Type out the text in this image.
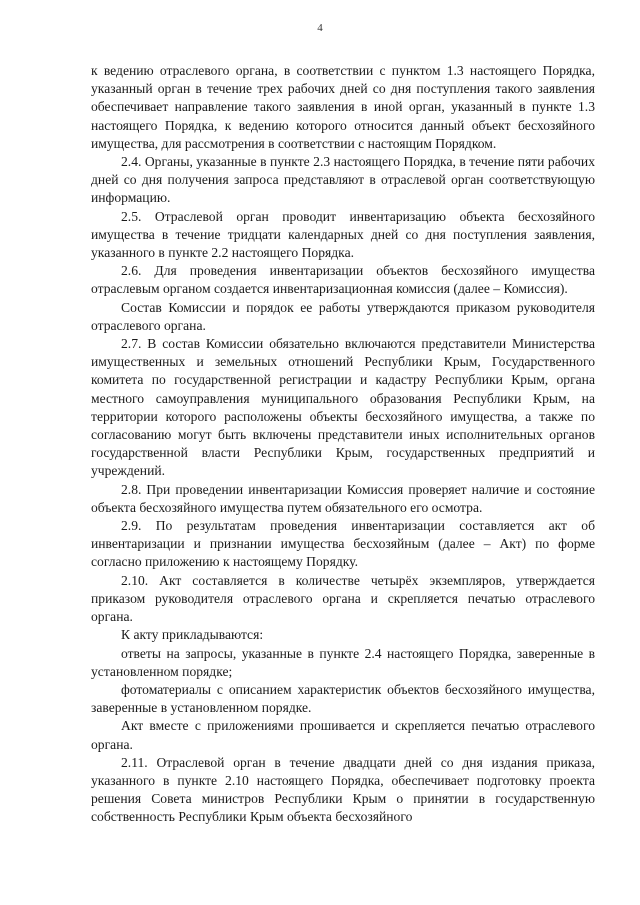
4

к ведению отраслевого органа, в соответствии с пунктом 1.3 настоящего Порядка, указанный орган в течение трех рабочих дней со дня поступления такого заявления обеспечивает направление такого заявления в иной орган, указанный в пункте 1.3 настоящего Порядка, к ведению которого относится данный объект бесхозяйного имущества, для рассмотрения в соответствии с настоящим Порядком.

2.4. Органы, указанные в пункте 2.3 настоящего Порядка, в течение пяти рабочих дней со дня получения запроса представляют в отраслевой орган соответствующую информацию.

2.5. Отраслевой орган проводит инвентаризацию объекта бесхозяйного имущества в течение тридцати календарных дней со дня поступления заявления, указанного в пункте 2.2 настоящего Порядка.

2.6. Для проведения инвентаризации объектов бесхозяйного имущества отраслевым органом создается инвентаризационная комиссия (далее – Комиссия).

Состав Комиссии и порядок ее работы утверждаются приказом руководителя отраслевого органа.

2.7. В состав Комиссии обязательно включаются представители Министерства имущественных и земельных отношений Республики Крым, Государственного комитета по государственной регистрации и кадастру Республики Крым, органа местного самоуправления муниципального образования Республики Крым, на территории которого расположены объекты бесхозяйного имущества, а также по согласованию могут быть включены представители иных исполнительных органов государственной власти Республики Крым, государственных предприятий и учреждений.

2.8. При проведении инвентаризации Комиссия проверяет наличие и состояние объекта бесхозяйного имущества путем обязательного его осмотра.

2.9. По результатам проведения инвентаризации составляется акт об инвентаризации и признании имущества бесхозяйным (далее – Акт) по форме согласно приложению к настоящему Порядку.

2.10. Акт составляется в количестве четырёх экземпляров, утверждается приказом руководителя отраслевого органа и скрепляется печатью отраслевого органа.

К акту прикладываются:

ответы на запросы, указанные в пункте 2.4 настоящего Порядка, заверенные в установленном порядке;

фотоматериалы с описанием характеристик объектов бесхозяйного имущества, заверенные в установленном порядке.

Акт вместе с приложениями прошивается и скрепляется печатью отраслевого органа.

2.11. Отраслевой орган в течение двадцати дней со дня издания приказа, указанного в пункте 2.10 настоящего Порядка, обеспечивает подготовку проекта решения Совета министров Республики Крым о принятии в государственную собственность Республики Крым объекта бесхозяйного
